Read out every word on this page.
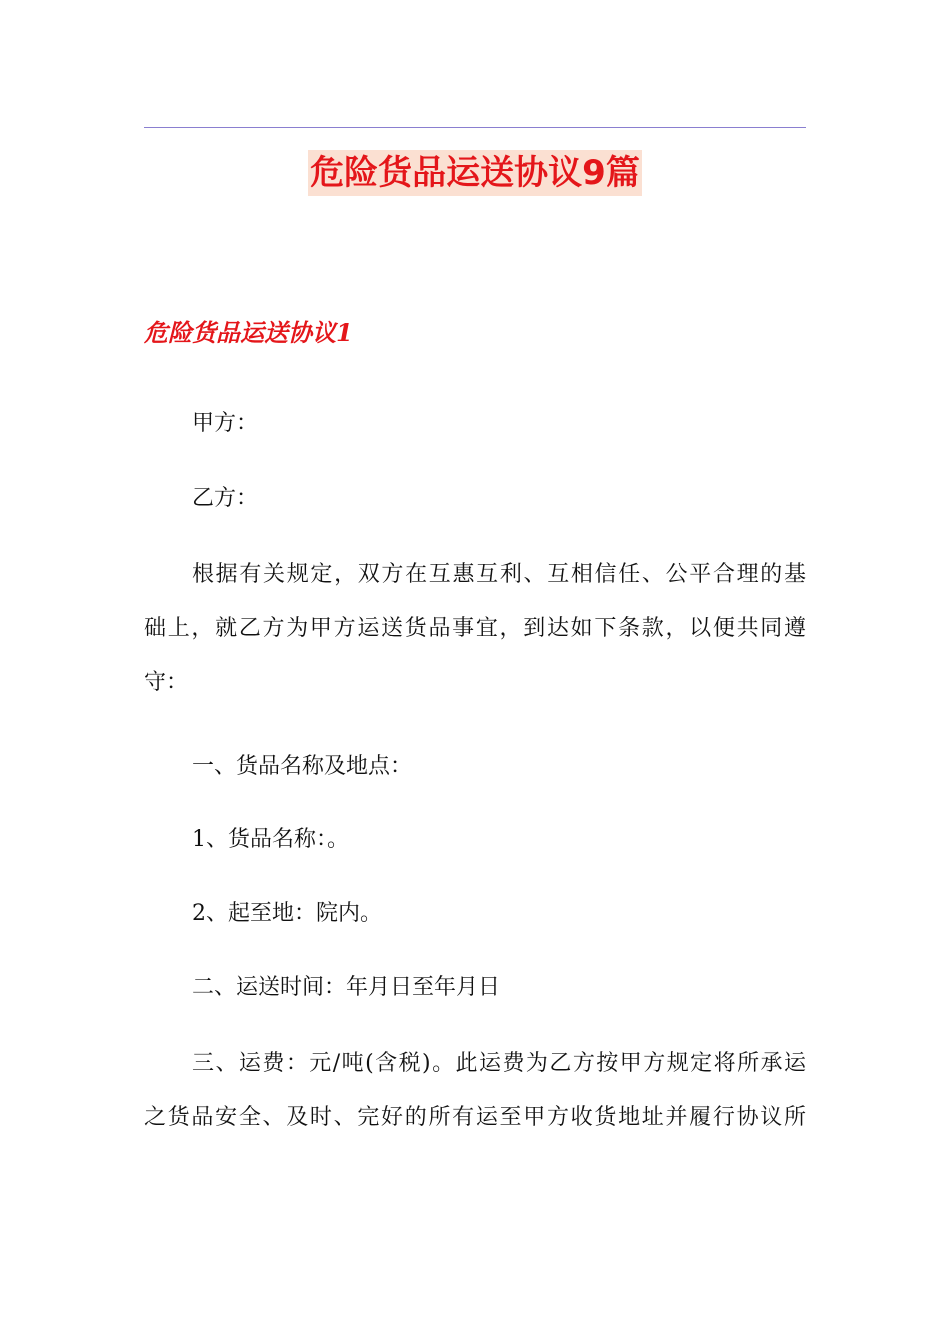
危险货品运送协议9篇
危险货品运送协议1
甲方：
乙方：
根据有关规定，双方在互惠互利、互相信任、公平合理的基
础上，就乙方为甲方运送货品事宜，到达如下条款，以便共同遵
守：
一、货品名称及地点：
1、货品名称：。
2、起至地：院内。
二、运送时间：年月日至年月日
三、运费：元/吨(含税)。此运费为乙方按甲方规定将所承运
之货品安全、及时、完好的所有运至甲方收货地址并履行协议所
